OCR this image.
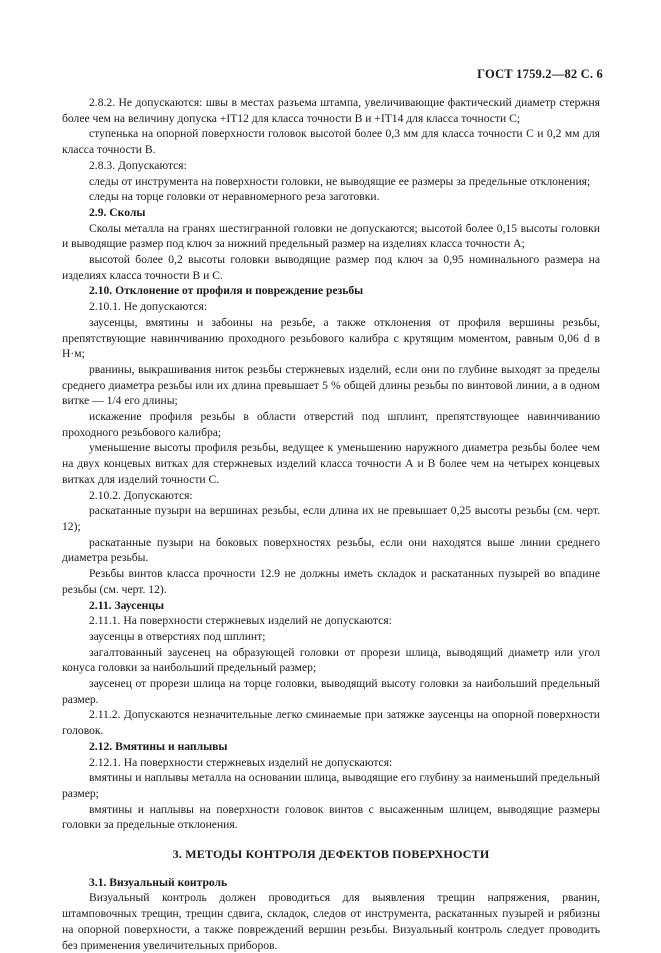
ГОСТ 1759.2—82 С. 6

2.8.2. Не допускаются: швы в местах разъема штампа, увеличивающие фактический диаметр стержня более чем на величину допуска +IT12 для класса точности В и +IT14 для класса точности С;

ступенька на опорной поверхности головок высотой более 0,3 мм для класса точности С и 0,2 мм для класса точности В.

2.8.3. Допускаются:

следы от инструмента на поверхности головки, не выводящие ее размеры за предельные отклонения;

следы на торце головки от неравномерного реза заготовки.

2.9. Сколы

Сколы металла на гранях шестигранной головки не допускаются; высотой более 0,15 высоты головки и выводящие размер под ключ за нижний предельный размер на изделиях класса точности А;

высотой более 0,2 высоты головки выводящие размер под ключ за 0,95 номинального размера на изделиях класса точности В и С.

2.10. Отклонение от профиля и повреждение резьбы

2.10.1. Не допускаются:

заусенцы, вмятины и забоины на резьбе, а также отклонения от профиля вершины резьбы, препятствующие навинчиванию проходного резьбового калибра с крутящим моментом, равным 0,06 d в Н·м;

рванины, выкрашивания ниток резьбы стержневых изделий, если они по глубине выходят за пределы среднего диаметра резьбы или их длина превышает 5 % общей длины резьбы по винтовой линии, а в одном витке — 1/4 его длины;

искажение профиля резьбы в области отверстий под шплинт, препятствующее навинчиванию проходного резьбового калибра;

уменьшение высоты профиля резьбы, ведущее к уменьшению наружного диаметра резьбы более чем на двух концевых витках для стержневых изделий класса точности А и В более чем на четырех концевых витках для изделий точности С.

2.10.2. Допускаются:

раскатанные пузыри на вершинах резьбы, если длина их не превышает 0,25 высоты резьбы (см. черт. 12);

раскатанные пузыри на боковых поверхностях резьбы, если они находятся выше линии среднего диаметра резьбы.

Резьбы винтов класса прочности 12.9 не должны иметь складок и раскатанных пузырей во впадине резьбы (см. черт. 12).

2.11. Заусенцы

2.11.1. На поверхности стержневых изделий не допускаются:

заусенцы в отверстиях под шплинт;

загалтованный заусенец на образующей головки от прорези шлица, выводящий диаметр или угол конуса головки за наибольший предельный размер;

заусенец от прорези шлица на торце головки, выводящий высоту головки за наибольший предельный размер.

2.11.2. Допускаются незначительные легко сминаемые при затяжке заусенцы на опорной поверхности головок.

2.12. Вмятины и наплывы

2.12.1. На поверхности стержневых изделий не допускаются:

вмятины и наплывы металла на основании шлица, выводящие его глубину за наименьший предельный размер;

вмятины и наплывы на поверхности головок винтов с высаженным шлицем, выводящие размеры головки за предельные отклонения.

3. МЕТОДЫ КОНТРОЛЯ ДЕФЕКТОВ ПОВЕРХНОСТИ

3.1. Визуальный контроль

Визуальный контроль должен проводиться для выявления трещин напряжения, рванин, штамповочных трещин, трещин сдвига, складок, следов от инструмента, раскатанных пузырей и рябизны на опорной поверхности, а также повреждений вершин резьбы. Визуальный контроль следует проводить без применения увеличительных приборов.
